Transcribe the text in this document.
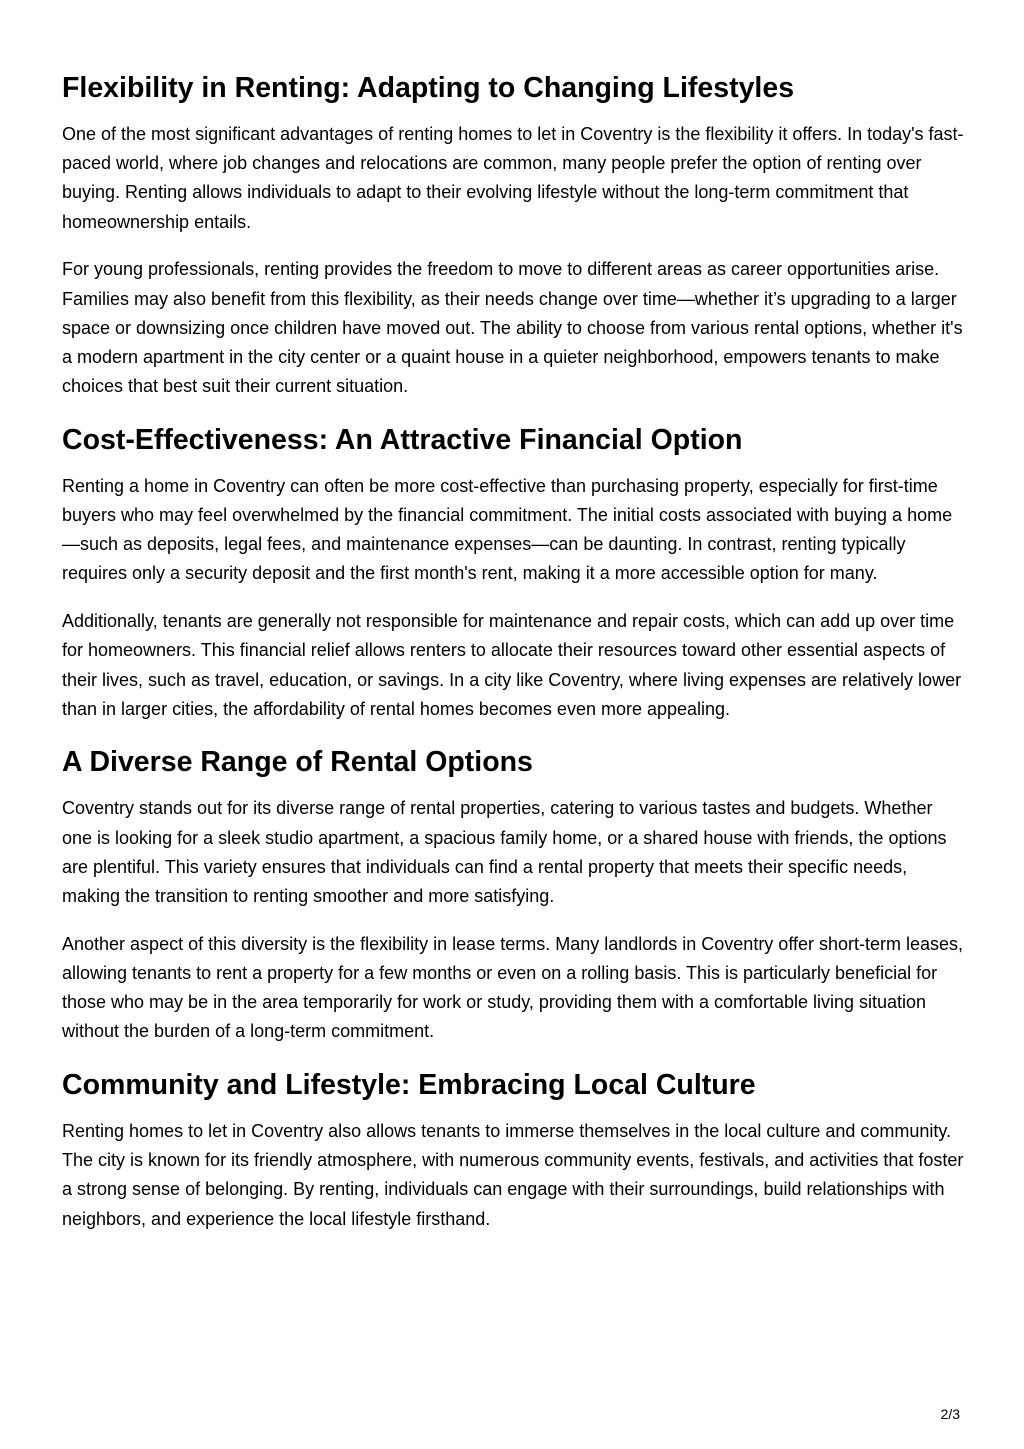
Flexibility in Renting: Adapting to Changing Lifestyles

One of the most significant advantages of renting homes to let in Coventry is the flexibility it offers. In today's fast-paced world, where job changes and relocations are common, many people prefer the option of renting over buying. Renting allows individuals to adapt to their evolving lifestyle without the long-term commitment that homeownership entails.

For young professionals, renting provides the freedom to move to different areas as career opportunities arise. Families may also benefit from this flexibility, as their needs change over time—whether it’s upgrading to a larger space or downsizing once children have moved out. The ability to choose from various rental options, whether it's a modern apartment in the city center or a quaint house in a quieter neighborhood, empowers tenants to make choices that best suit their current situation.

Cost-Effectiveness: An Attractive Financial Option

Renting a home in Coventry can often be more cost-effective than purchasing property, especially for first-time buyers who may feel overwhelmed by the financial commitment. The initial costs associated with buying a home—such as deposits, legal fees, and maintenance expenses—can be daunting. In contrast, renting typically requires only a security deposit and the first month's rent, making it a more accessible option for many.

Additionally, tenants are generally not responsible for maintenance and repair costs, which can add up over time for homeowners. This financial relief allows renters to allocate their resources toward other essential aspects of their lives, such as travel, education, or savings. In a city like Coventry, where living expenses are relatively lower than in larger cities, the affordability of rental homes becomes even more appealing.

A Diverse Range of Rental Options

Coventry stands out for its diverse range of rental properties, catering to various tastes and budgets. Whether one is looking for a sleek studio apartment, a spacious family home, or a shared house with friends, the options are plentiful. This variety ensures that individuals can find a rental property that meets their specific needs, making the transition to renting smoother and more satisfying.

Another aspect of this diversity is the flexibility in lease terms. Many landlords in Coventry offer short-term leases, allowing tenants to rent a property for a few months or even on a rolling basis. This is particularly beneficial for those who may be in the area temporarily for work or study, providing them with a comfortable living situation without the burden of a long-term commitment.

Community and Lifestyle: Embracing Local Culture

Renting homes to let in Coventry also allows tenants to immerse themselves in the local culture and community. The city is known for its friendly atmosphere, with numerous community events, festivals, and activities that foster a strong sense of belonging. By renting, individuals can engage with their surroundings, build relationships with neighbors, and experience the local lifestyle firsthand.

2/3
